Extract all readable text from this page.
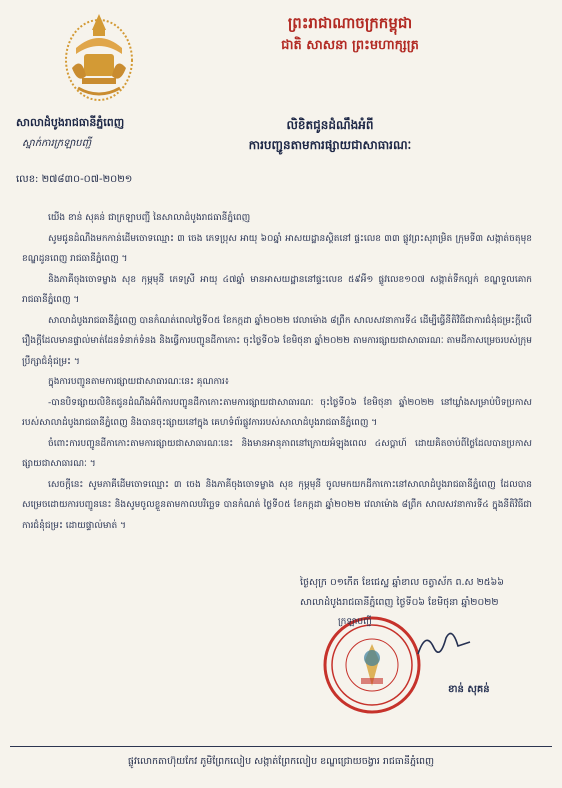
ព្រះរាជាណាចក្រកម្ពុជា
ជាតិ សាសនា ព្រះមហាក្សត្រ
សាលាដំបូងរាជធានីភ្នំពេញ
ស្នាក់ការក្រឡាបញ្ជី
លេខ: ២៧៨៣០-០៧-២០២១
លិខិតជូនដំណឹងអំពី
ការបញ្ជូនតាមការផ្សាយជាសាធារណៈ

យើង ខាន់ សុគន់ ជាក្រឡាបញ្ជី នៃសាលាដំបូងរាជធានីភ្នំពេញ

សូមជូនដំណឹងមកកាន់ដើមចោទឈ្មោះ ៣ ចេង ភេទប្រុស អាយុ ៦០ឆ្នាំ អាសយដ្ឋានស្ថិតនៅ ផ្ទះលេខ ៣៣ ផ្លូវព្រះសុរាម្រិត ក្រុមទី៣ សង្កាត់ចតុមុខ ខណ្ឌដូនពេញ រាជធានីភ្នំពេញ ។

និងភាគីចុងចោទម្ខាង សុខ កុម្ភមុនី ភេទស្រី អាយុ ៤៧ឆ្នាំ មានអាសយដ្ឋាននៅផ្ទះលេខ ៥៩អឺ១ ផ្លូវលេខ១០៧ សង្កាត់ទឹកល្អក់ ខណ្ឌទួលគោក រាជធានីភ្នំពេញ ។

សាលាដំបូងរាជធានីភ្នំពេញ បានកំណត់ពេលថ្ងៃទី០៥ ខែកក្កដា ឆ្នាំ២០២២ វេលាម៉ោង ៨ព្រឹក សាលសវនាការទី៤ ដើម្បីធ្វើនីតិវិធីជាការជំនុំជម្រះក្តីលើរឿងក្តីដែលមានផ្ទាល់មាត់ដែនទំនាក់ទំនង និងធ្វើការបញ្ជូនដីកាកោះ ចុះថ្ងៃទី០៦ ខែមិថុនា ឆ្នាំ២០២២ តាមការផ្សាយជាសាធារណៈ តាមដីកាសម្រេចរបស់ក្រុមប្រឹក្សាជំនុំជម្រះ ។

ក្នុងការបញ្ជូនតាមការផ្សាយជាសាធារណៈនេះ គុណការ៖

-បានបិទផ្សាយលិខិតជូនដំណឹងអំពីការបញ្ជូនដីកាកោះតាមការផ្សាយជាសាធារណៈ ចុះថ្ងៃទី០៦ ខែមិថុនា ឆ្នាំ២០២២ នៅឃ្លាំងសម្រាប់បិទប្រកាសរបស់សាលាដំបូងរាជធានីភ្នំពេញ និងបានចុះផ្សាយនៅក្នុង គេហទំព័រផ្លូវការរបស់សាលាដំបូងរាជធានីភ្នំពេញ ។

ចំពោះការបញ្ជូនដីកាកោះតាមការផ្សាយជាសាធារណៈនេះ និងមានអានុភាពនៅក្រោយអំឡុងពេល ៤សប្តាហ៍ ដោយគិតចាប់ពីថ្ងៃដែលបានប្រកាសផ្សាយជាសាធារណៈ ។

សេចក្តីនេះ សូមភាគីដើមចោទឈ្មោះ ៣ ចេង និងភាគីចុងចោទម្ខាង សុខ កុម្ភមុនី ចូលមកយកដីកាកោះនៅសាលាដំបូងរាជធានីភ្នំពេញ ដែលបានសម្រេចដោយការបញ្ជូននេះ និងសូមចូលខ្លួនតាមកាលបរិច្ឆេទ បានកំណត់ ថ្ងៃទី០៥ ខែកក្កដា ឆ្នាំ២០២២ វេលាម៉ោង ៨ព្រឹក សាលសវនាការទី៤ ក្នុងនីតិវិធីជាការជំនុំជម្រះ ដោយផ្ទាល់មាត់ ។

ថ្ងៃសុក្រ ០១កើត ខែជេស្ឋ ឆ្នាំខាល ចត្វាស័ក ព.ស ២៥៦៦
សាលាដំបូងរាជធានីភ្នំពេញ ថ្ងៃទី០៦ ខែមិថុនា ឆ្នាំ២០២២
ក្រឡាបញ្ជី
ខាន់ សុគន់
ផ្លូវលោកតាហ៊ុយកែវ ភូមិព្រែកលៀប សង្កាត់ព្រែកលៀប ខណ្ឌជ្រោយចង្វារ រាជធានីភ្នំពេញ
